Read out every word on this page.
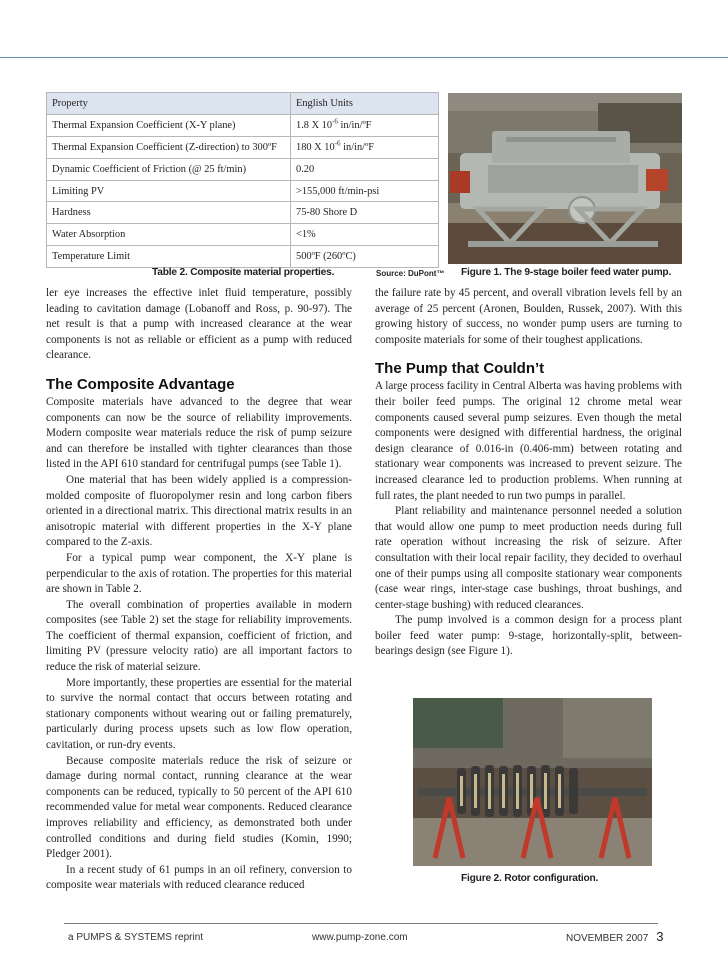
Property	English Units
Thermal Expansion Coefficient (X-Y plane)	1.8 X $10^{-6}$ in/in/ºF
Thermal Expansion Coefficient (Z-direction) to 300ºF	180 X $10^{-6}$ in/in/ºF
Dynamic Coefficient of Friction (@ 25 ft/min)	0.20
Limiting PV	>155,000 ft/min-psi
Hardness	75-80 Shore D
Water Absorption	<1%
Temperature Limit	500ºF (260ºC)
Table 2. Composite material properties.	Source: DuPont™ Figure 1. The 9-stage boiler feed water pump.

ler eye increases the effective inlet fluid temperature, possibly leading to cavitation damage (Lobanoff and Ross, p. 90-97). The net result is that a pump with increased clearance at the wear components is not as reliable or efficient as a pump with reduced clearance.

The Composite Advantage

Composite materials have advanced to the degree that wear components can now be the source of reliability improvements. Modern composite wear materials reduce the risk of pump seizure and can therefore be installed with tighter clearances than those listed in the API 610 standard for centrifugal pumps (see Table 1).

One material that has been widely applied is a compression-molded composite of fluoropolymer resin and long carbon fibers oriented in a directional matrix. This directional matrix results in an anisotropic material with different properties in the X-Y plane compared to the Z-axis.

For a typical pump wear component, the X-Y plane is perpendicular to the axis of rotation. The properties for this material are shown in Table 2.

The overall combination of properties available in modern composites (see Table 2) set the stage for reliability improvements. The coefficient of thermal expansion, coefficient of friction, and limiting PV (pressure velocity ratio) are all important factors to reduce the risk of material seizure.

More importantly, these properties are essential for the material to survive the normal contact that occurs between rotating and stationary components without wearing out or failing prematurely, particularly during process upsets such as low flow operation, cavitation, or run-dry events.

Because composite materials reduce the risk of seizure or damage during normal contact, running clearance at the wear components can be reduced, typically to 50 percent of the API 610 recommended value for metal wear components. Reduced clearance improves reliability and efficiency, as demonstrated both under controlled conditions and during field studies (Komin, 1990; Pledger 2001).

In a recent study of 61 pumps in an oil refinery, conversion to composite wear materials with reduced clearance reduced

the failure rate by 45 percent, and overall vibration levels fell by an average of 25 percent (Aronen, Boulden, Russek, 2007). With this growing history of success, no wonder pump users are turning to composite materials for some of their toughest applications.

The Pump that Couldn’t

A large process facility in Central Alberta was having problems with their boiler feed pumps. The original 12 chrome metal wear components caused several pump seizures. Even though the metal components were designed with differential hardness, the original design clearance of 0.016-in (0.406-mm) between rotating and stationary wear components was increased to prevent seizure. The increased clearance led to production problems. When running at full rates, the plant needed to run two pumps in parallel.

Plant reliability and maintenance personnel needed a solution that would allow one pump to meet production needs during full rate operation without increasing the risk of seizure. After consultation with their local repair facility, they decided to overhaul one of their pumps using all composite stationary wear components (case wear rings, inter-stage case bushings, throat bushings, and center-stage bushing) with reduced clearances.

The pump involved is a common design for a process plant boiler feed water pump: 9-stage, horizontally-split, between-bearings design (see Figure 1).

Figure 2. Rotor configuration.
a PUMPS & SYSTEMS reprint	www.pump-zone.com	NOVEMBER 2007 3
